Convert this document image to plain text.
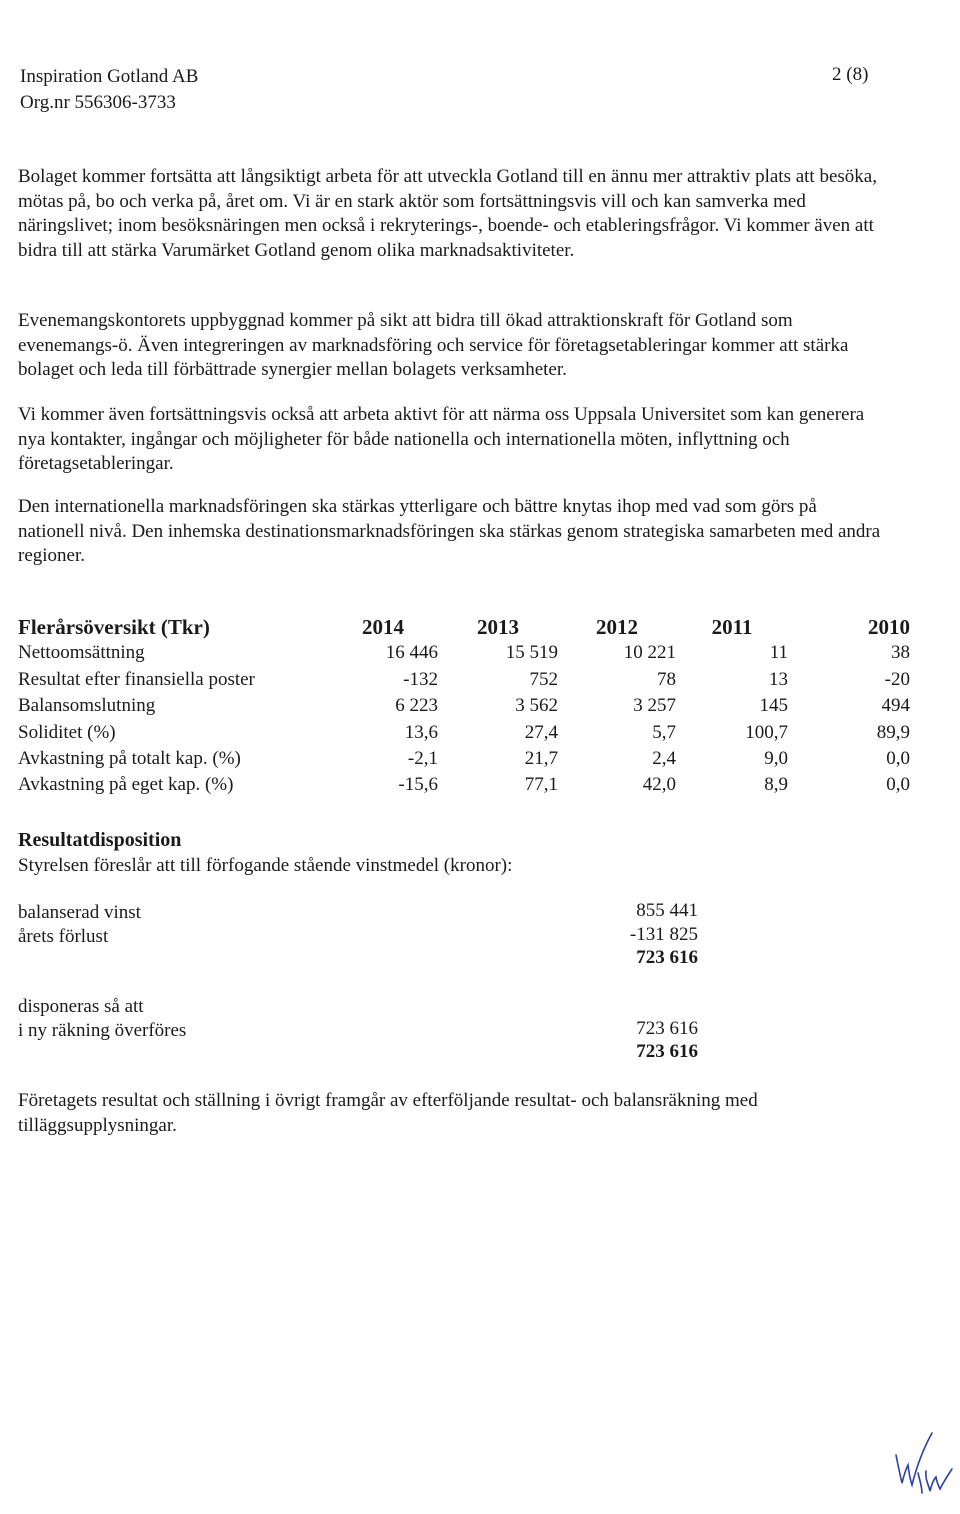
Inspiration Gotland AB
Org.nr 556306-3733
2 (8)

Bolaget kommer fortsätta att långsiktigt arbeta för att utveckla Gotland till en ännu mer attraktiv plats att besöka, mötas på, bo och verka på, året om. Vi är en stark aktör som fortsättningsvis vill och kan samverka med näringslivet; inom besöksnäringen men också i rekryterings-, boende- och etableringsfrågor. Vi kommer även att bidra till att stärka Varumärket Gotland genom olika marknadsaktiviteter.

Evenemangskontorets uppbyggnad kommer på sikt att bidra till ökad attraktionskraft för Gotland som evenemangs-ö. Även integreringen av marknadsföring och service för företagsetableringar kommer att stärka bolaget och leda till förbättrade synergier mellan bolagets verksamheter.

Vi kommer även fortsättningsvis också att arbeta aktivt för att närma oss Uppsala Universitet som kan generera nya kontakter, ingångar och möjligheter för både nationella och internationella möten, inflyttning och företagsetableringar.

Den internationella marknadsföringen ska stärkas ytterligare och bättre knytas ihop med vad som görs på nationell nivå. Den inhemska destinationsmarknadsföringen ska stärkas genom strategiska samarbeten med andra regioner.

Flerårsöversikt (Tkr)	2014	2013	2012	2011	2010
Nettoomsättning	16 446	15 519	10 221	11	38
Resultat efter finansiella poster	-132	752	78	13	-20
Balansomslutning	6 223	3 562	3 257	145	494
Soliditet (%)	13,6	27,4	5,7	100,7	89,9
Avkastning på totalt kap. (%)	-2,1	21,7	2,4	9,0	0,0
Avkastning på eget kap. (%)	-15,6	77,1	42,0	8,9	0,0
Resultatdisposition
Styrelsen föreslår att till förfogande stående vinstmedel (kronor):
balanserad vinst	855 441
årets förlust	-131 825
723 616
disponeras så att
i ny räkning överföres	723 616
723 616

Företagets resultat och ställning i övrigt framgår av efterföljande resultat- och balansräkning med tilläggsupplysningar.
